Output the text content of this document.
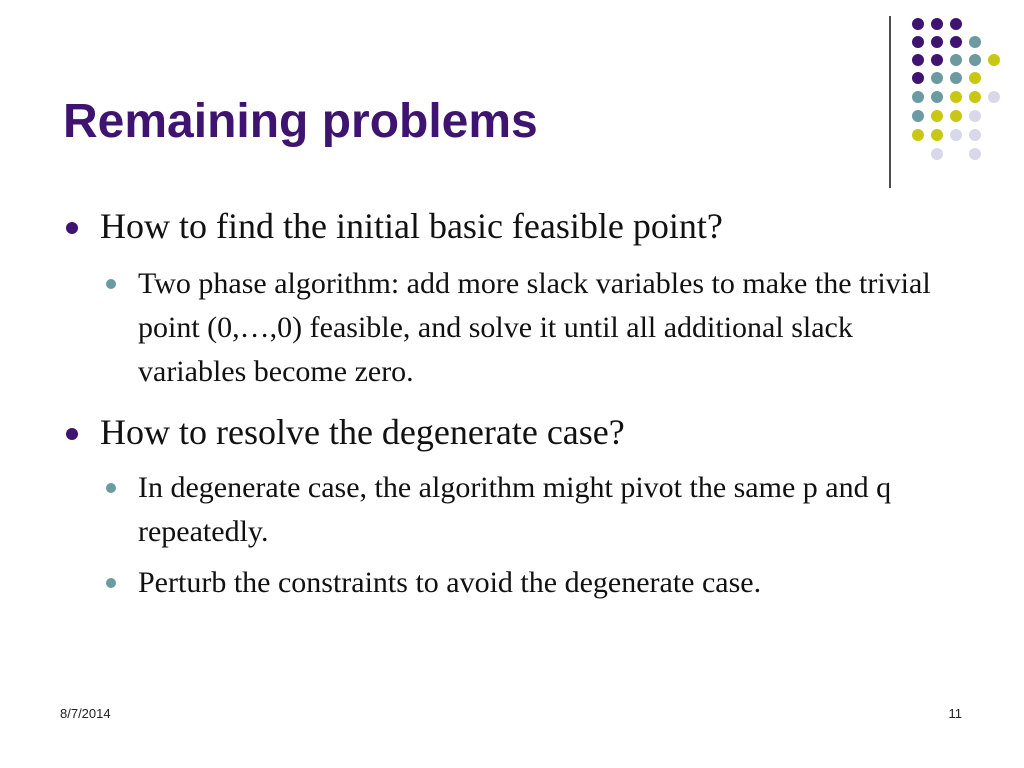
Remaining problems
How to find the initial basic feasible point?
Two phase algorithm: add more slack variables to make the trivial point (0,…,0) feasible, and solve it until all additional slack variables become zero.
How to resolve the degenerate case?
In degenerate case, the algorithm might pivot the same p and q repeatedly.
Perturb the constraints to avoid the degenerate case.
8/7/2014	11
